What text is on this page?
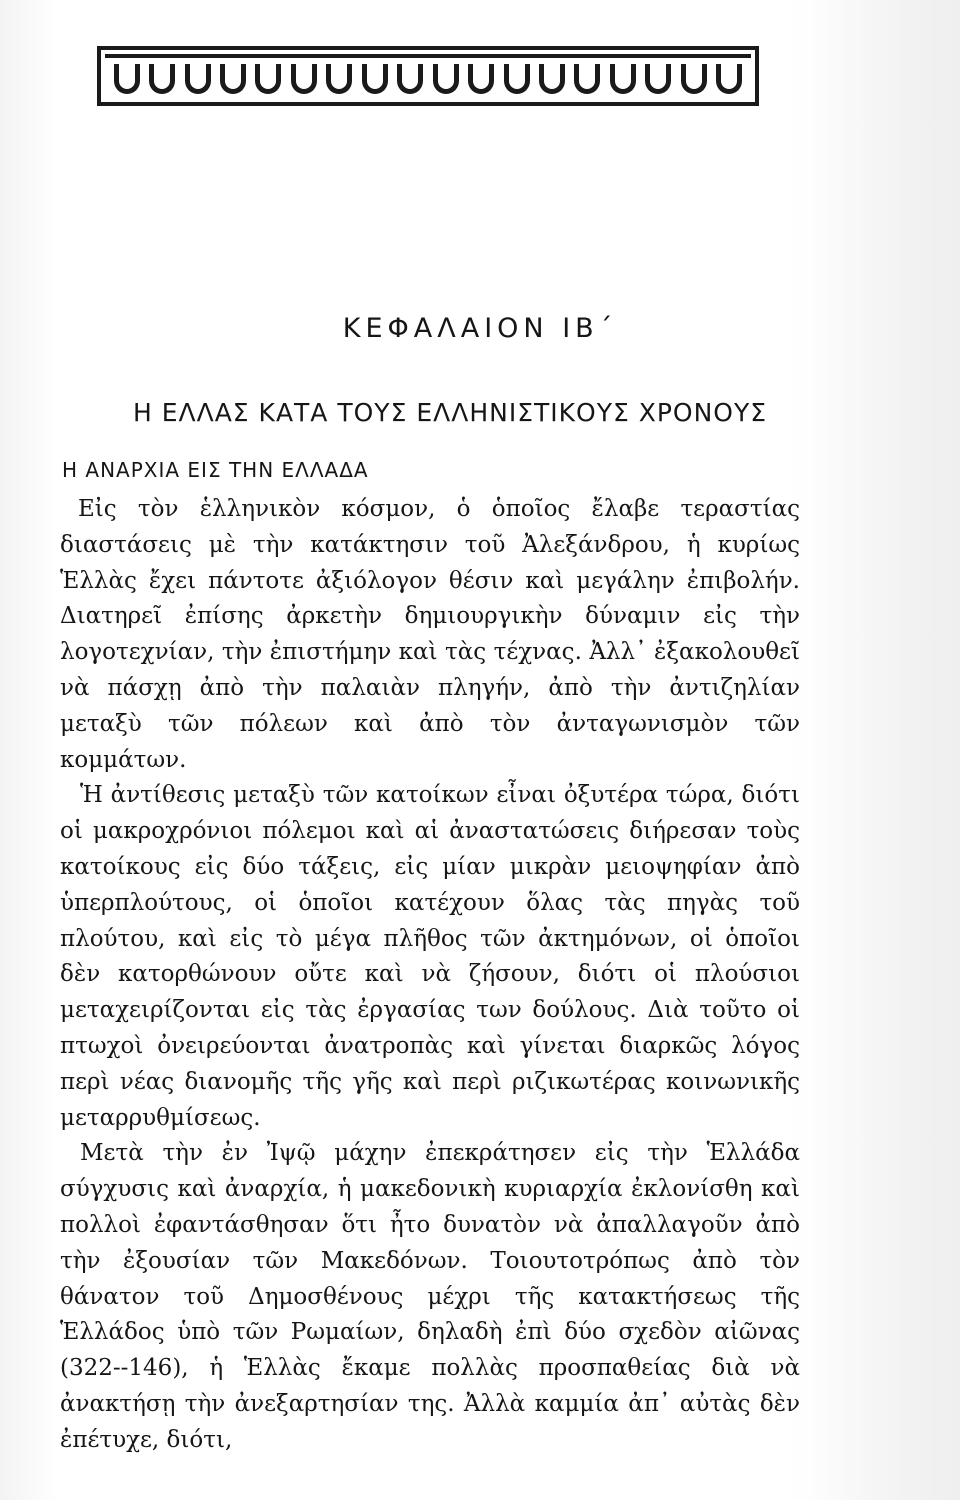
ΚΕΦΑΛΑΙΟΝ ΙΒ΄
Η ΕΛΛΑΣ ΚΑΤΑ ΤΟΥΣ ΕΛΛΗΝΙΣΤΙΚΟΥΣ ΧΡΟΝΟΥΣ
Η ΑΝΑΡΧΙΑ ΕΙΣ ΤΗΝ ΕΛΛΑΔΑ

Εἰς τὸν ἑλληνικὸν κόσμον, ὁ ὁποῖος ἔλαβε τεραστίας διαστάσεις μὲ τὴν κατάκτησιν τοῦ Ἀλεξάνδρου, ἡ κυρίως Ἑλλὰς ἔχει πάντοτε ἀξιόλογον θέσιν καὶ μεγάλην ἐπιβολήν. Διατηρεῖ ἐπίσης ἀρκετὴν δημιουργικὴν δύναμιν εἰς τὴν λογοτεχνίαν, τὴν ἐπιστήμην καὶ τὰς τέχνας. Ἀλλ᾽ ἐξακολουθεῖ νὰ πάσχῃ ἀπὸ τὴν παλαιὰν πληγήν, ἀπὸ τὴν ἀντιζηλίαν μεταξὺ τῶν πόλεων καὶ ἀπὸ τὸν ἀνταγωνισμὸν τῶν κομμάτων.

Ἡ ἀντίθεσις μεταξὺ τῶν κατοίκων εἶναι ὀξυτέρα τώρα, διότι οἱ μακροχρόνιοι πόλεμοι καὶ αἱ ἀναστατώσεις διήρεσαν τοὺς κατοίκους εἰς δύο τάξεις, εἰς μίαν μικρὰν μειοψηφίαν ἀπὸ ὑπερπλούτους, οἱ ὁποῖοι κατέχουν ὅλας τὰς πηγὰς τοῦ πλούτου, καὶ εἰς τὸ μέγα πλῆθος τῶν ἀκτημόνων, οἱ ὁποῖοι δὲν κατορθώνουν οὔτε καὶ νὰ ζήσουν, διότι οἱ πλούσιοι μεταχειρίζονται εἰς τὰς ἐργασίας των δούλους. Διὰ τοῦτο οἱ πτωχοὶ ὀνειρεύονται ἀνατροπὰς καὶ γίνεται διαρκῶς λόγος περὶ νέας διανομῆς τῆς γῆς καὶ περὶ ριζικωτέρας κοινωνικῆς μεταρρυθμίσεως.

Μετὰ τὴν ἐν Ἰψῷ μάχην ἐπεκράτησεν εἰς τὴν Ἑλλάδα σύγχυσις καὶ ἀναρχία, ἡ μακεδονικὴ κυριαρχία ἐκλονίσθη καὶ πολλοὶ ἐφαντάσθησαν ὅτι ἦτο δυνατὸν νὰ ἀπαλλαγοῦν ἀπὸ τὴν ἐξουσίαν τῶν Μακεδόνων. Τοιουτοτρόπως ἀπὸ τὸν θάνατον τοῦ Δημοσθένους μέχρι τῆς κατακτήσεως τῆς Ἑλλάδος ὑπὸ τῶν Ρωμαίων, δηλαδὴ ἐπὶ δύο σχεδὸν αἰῶνας (322--146), ἡ Ἑλλὰς ἔκαμε πολλὰς προσπαθείας διὰ νὰ ἀνακτήσῃ τὴν ἀνεξαρτησίαν της. Ἀλλὰ καμμία ἀπ᾽ αὐτὰς δὲν ἐπέτυχε, διότι,
